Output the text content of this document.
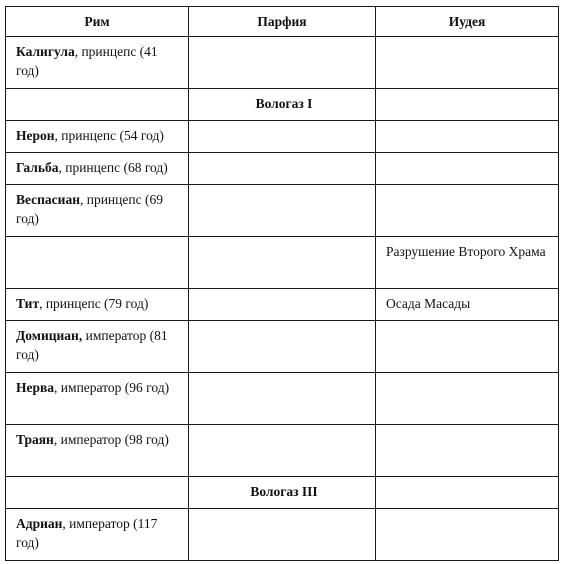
Рим	Парфия	Иудея
Калигула, принцепс (41 год)		
	Вологаз I	
Нерон, принцепс (54 год)		
Гальба, принцепс (68 год)		
Веспасиан, принцепс (69 год)		
		Разрушение Второго Храма
Тит, принцепс (79 год)		Осада Масады
Домициан, император (81 год)		
Нерва, император (96 год)		
Траян, император (98 год)		
	Вологаз III	
Адриан, император (117 год)		
